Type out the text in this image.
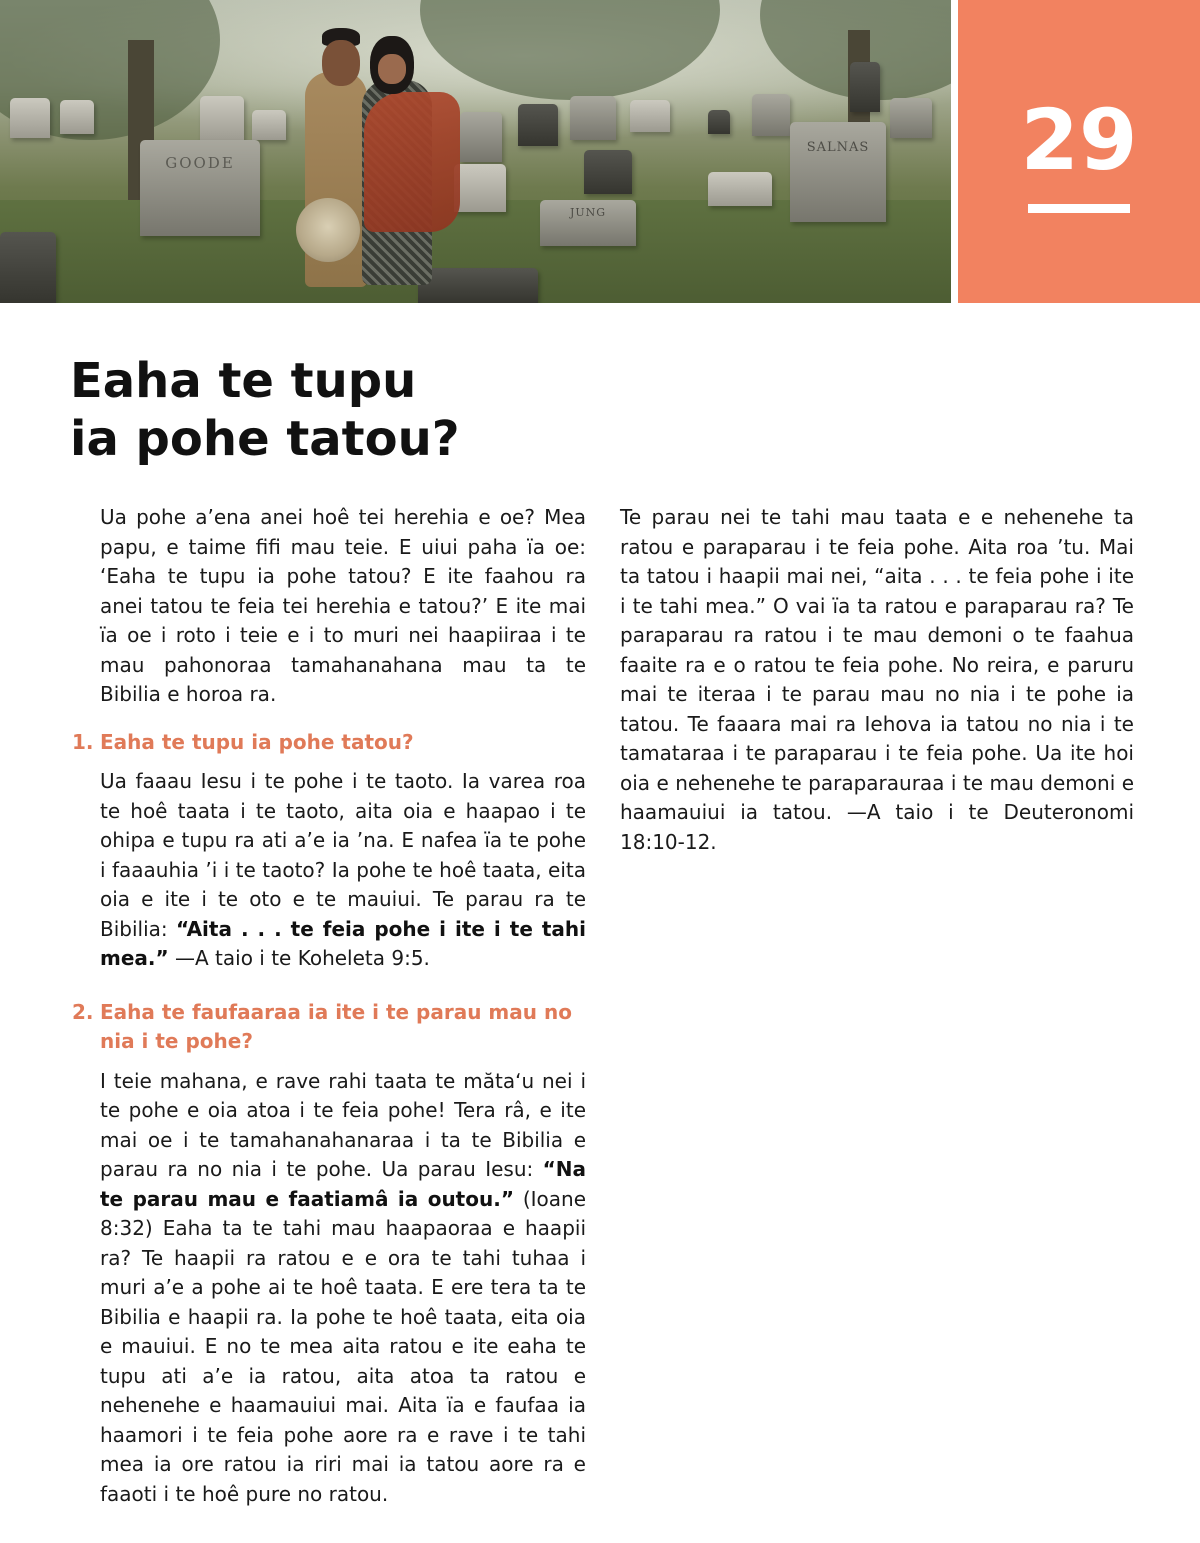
GOODE
JUNG
SALNAS	29
Eaha te tupu
ia pohe tatou?

Ua pohe a’ena anei hoê tei herehia e oe? Mea papu, e taime fifi mau teie. E uiui paha ïa oe: ‘Eaha te tupu ia pohe tatou? E ite faahou ra anei tatou te feia tei herehia e tatou?’ E ite mai ïa oe i roto i teie e i to muri nei haapiiraa i te mau pahonoraa tamahanahana mau ta te Bibilia e horoa ra.

1. Eaha te tupu ia pohe tatou?

Ua faaau Iesu i te pohe i te taoto. Ia varea roa te hoê taata i te taoto, aita oia e haapao i te ohipa e tupu ra ati a’e ia ’na. E nafea ïa te pohe i faaauhia ’i i te taoto? Ia pohe te hoê taata, eita oia e ite i te oto e te mauiui. Te parau ra te Bibilia: “Aita . . . te feia pohe i ite i te tahi mea.” —A taio i te Koheleta 9:5.

2. Eaha te faufaaraa ia ite i te parau mau no nia i te pohe?

I teie mahana, e rave rahi taata te mătaʻu nei i te pohe e oia atoa i te feia pohe! Tera râ, e ite mai oe i te tamahanahanaraa i ta te Bibilia e parau ra no nia i te pohe. Ua parau Iesu: “Na te parau mau e faatiamâ ia outou.” (Ioane 8:32) Eaha ta te tahi mau haapaoraa e haapii ra? Te haapii ra ratou e e ora te tahi tuhaa i muri a’e a pohe ai te hoê taata. E ere tera ta te Bibilia e haapii ra. Ia pohe te hoê taata, eita oia e mauiui. E no te mea aita ratou e ite eaha te tupu ati a’e ia ratou, aita atoa ta ratou e nehenehe e haamauiui mai. Aita ïa e faufaa ia haamori i te feia pohe aore ra e rave i te tahi mea ia ore ratou ia riri mai ia tatou aore ra e faaoti i te hoê pure no ratou.

Te parau nei te tahi mau taata e e nehenehe ta ratou e paraparau i te feia pohe. Aita roa ’tu. Mai ta tatou i haapii mai nei, “aita . . . te feia pohe i ite i te tahi mea.” O vai ïa ta ratou e paraparau ra? Te paraparau ra ratou i te mau demoni o te faahua faaite ra e o ratou te feia pohe. No reira, e paruru mai te iteraa i te parau mau no nia i te pohe ia tatou. Te faaara mai ra Iehova ia tatou no nia i te tamataraa i te paraparau i te feia pohe. Ua ite hoi oia e nehenehe te paraparauraa i te mau demoni e haamauiui ia tatou. —A taio i te Deuteronomi 18:10-12.
